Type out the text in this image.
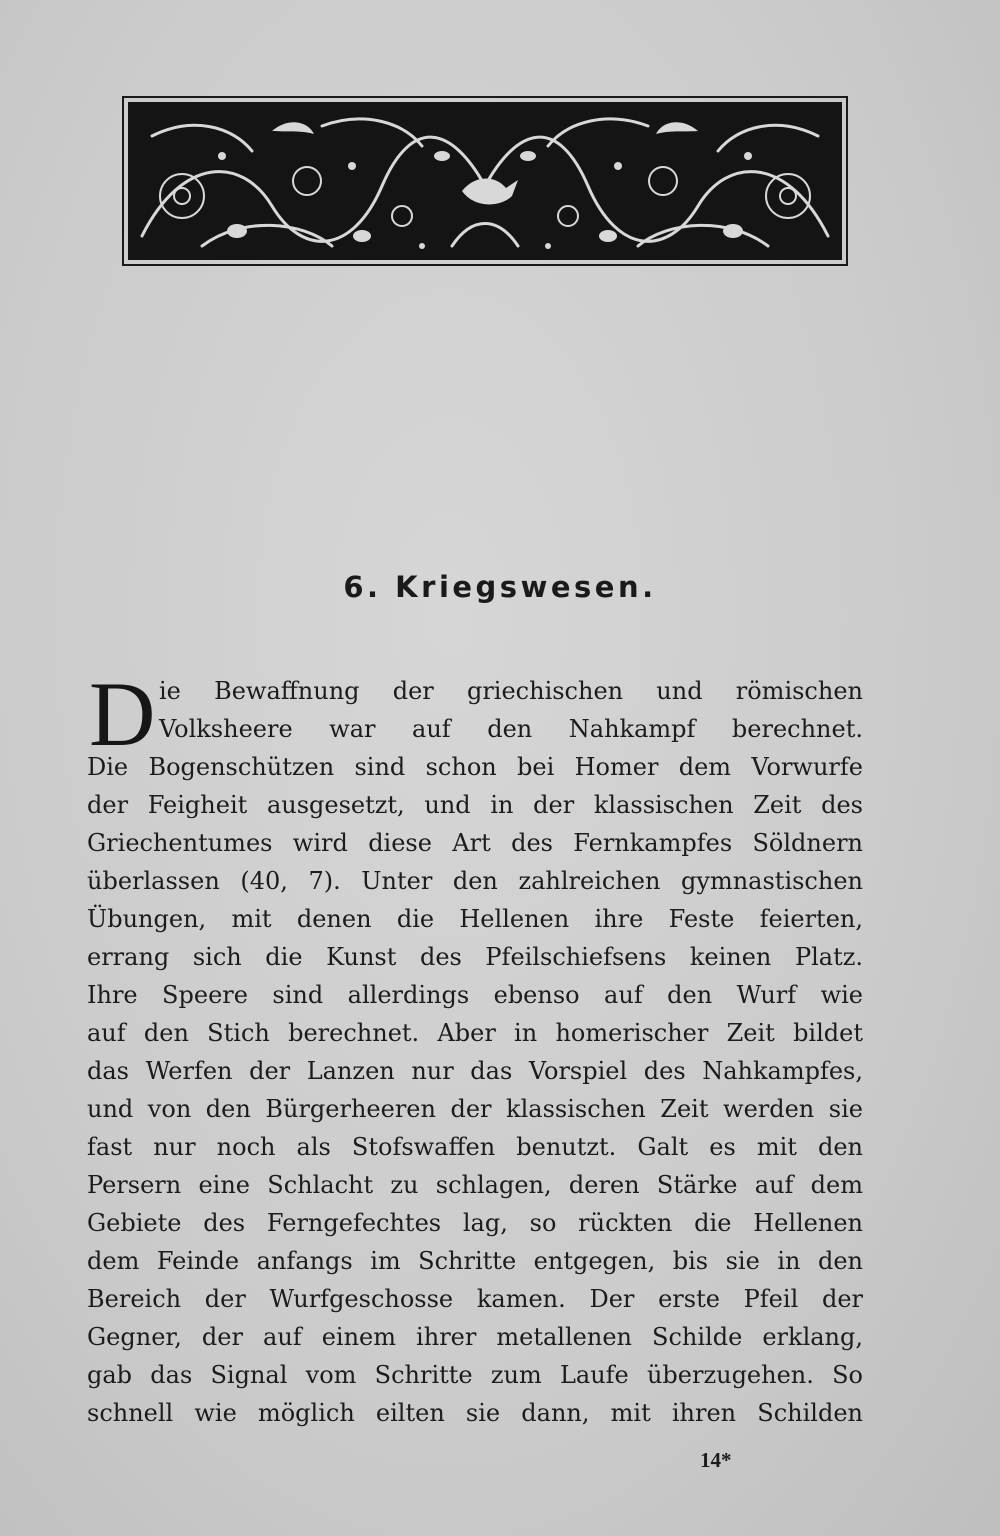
6. Kriegswesen.
D ie Bewaffnung der griechischen und römischen
Volksheere war auf den Nahkampf berechnet.
Die Bogenschützen sind schon bei Homer dem Vorwurfe
der Feigheit ausgesetzt, und in der klassischen Zeit des
Griechentumes wird diese Art des Fernkampfes Söldnern
überlassen (40, 7). Unter den zahlreichen gymnastischen
Übungen, mit denen die Hellenen ihre Feste feierten,
errang sich die Kunst des Pfeilschiefsens keinen Platz.
Ihre Speere sind allerdings ebenso auf den Wurf wie
auf den Stich berechnet. Aber in homerischer Zeit bildet
das Werfen der Lanzen nur das Vorspiel des Nahkampfes,
und von den Bürgerheeren der klassischen Zeit werden sie
fast nur noch als Stofswaffen benutzt. Galt es mit den
Persern eine Schlacht zu schlagen, deren Stärke auf dem
Gebiete des Ferngefechtes lag, so rückten die Hellenen
dem Feinde anfangs im Schritte entgegen, bis sie in den
Bereich der Wurfgeschosse kamen. Der erste Pfeil der
Gegner, der auf einem ihrer metallenen Schilde erklang,
gab das Signal vom Schritte zum Laufe überzugehen. So
schnell wie möglich eilten sie dann, mit ihren Schilden
14*
